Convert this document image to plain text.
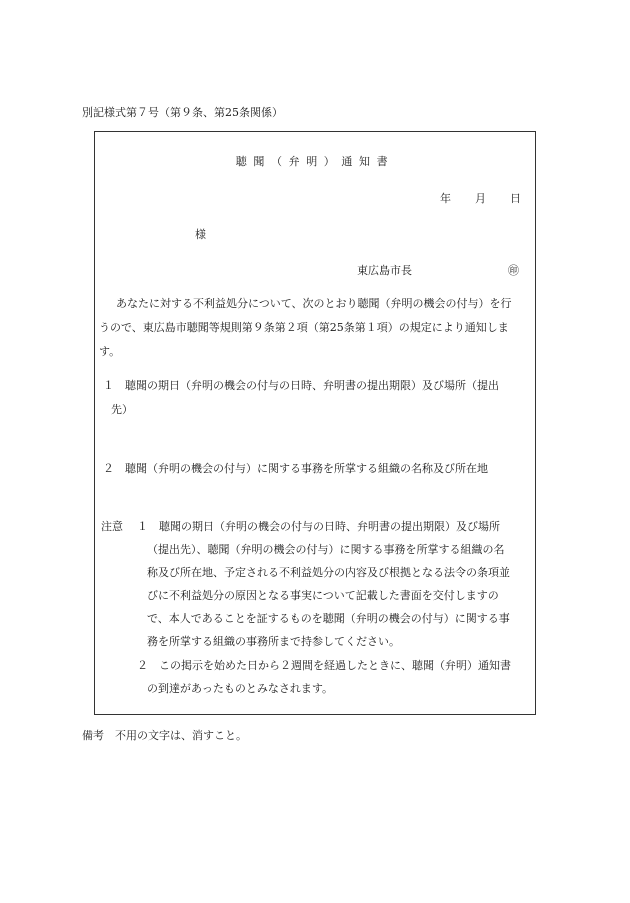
別記様式第７号（第９条、第25条関係）
聴聞（弁明）通知書
年 月 日
様
東広島市長	㊞
　あなたに対する不利益処分について、次のとおり聴聞（弁明の機会の付与）を行
うので、東広島市聴聞等規則第９条第２項（第25条第１項）の規定により通知しま
す。
１　聴聞の期日（弁明の機会の付与の日時、弁明書の提出期限）及び場所（提出
先）
２　聴聞（弁明の機会の付与）に関する事務を所掌する組織の名称及び所在地
注意 １　聴聞の期日（弁明の機会の付与の日時、弁明書の提出期限）及び場所
（提出先）、聴聞（弁明の機会の付与）に関する事務を所掌する組織の名
称及び所在地、予定される不利益処分の内容及び根拠となる法令の条項並
びに不利益処分の原因となる事実について記載した書面を交付しますの
で、本人であることを証するものを聴聞（弁明の機会の付与）に関する事
務を所掌する組織の事務所まで持参してください。
２　この掲示を始めた日から２週間を経過したときに、聴聞（弁明）通知書
の到達があったものとみなされます。
備考　不用の文字は、消すこと。
